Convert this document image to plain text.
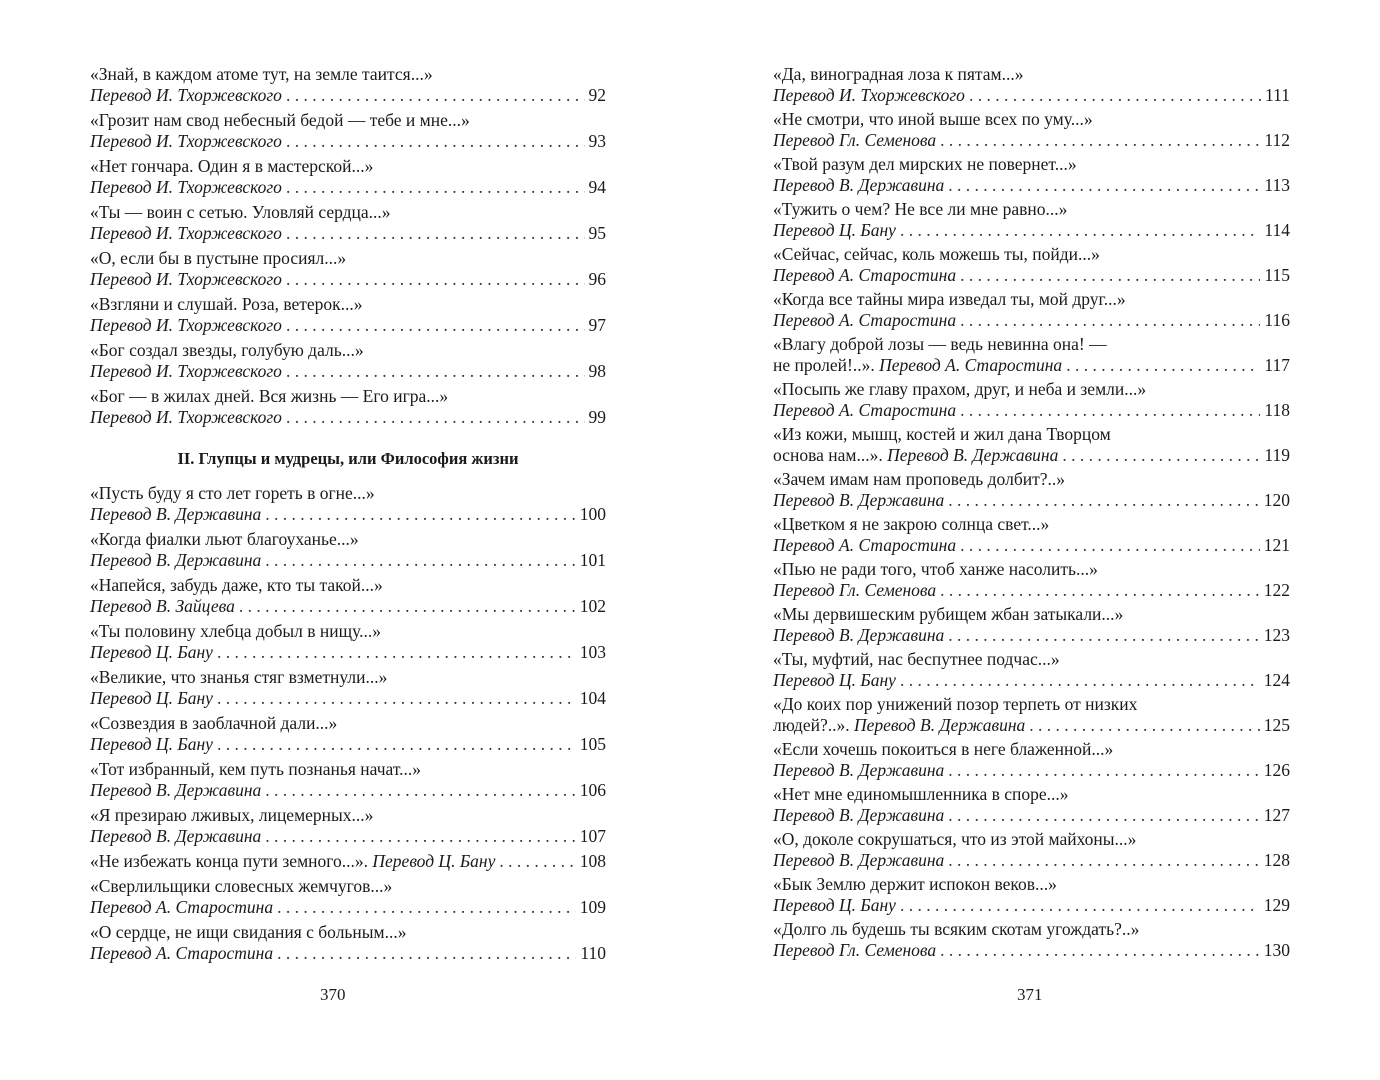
«Знай, в каждом атоме тут, на земле таится...»
Перевод И. Тхоржевского . . .	92
«Грозит нам свод небесный бедой — тебе и мне...»
Перевод И. Тхоржевского . . .	93
«Нет гончара. Один я в мастерской...»
Перевод И. Тхоржевского . . .	94
«Ты — воин с сетью. Уловляй сердца...»
Перевод И. Тхоржевского . . .	95
«О, если бы в пустыне просиял...»
Перевод И. Тхоржевского . . .	96
«Взгляни и слушай. Роза, ветерок...»
Перевод И. Тхоржевского . . .	97
«Бог создал звезды, голубую даль...»
Перевод И. Тхоржевского . . .	98
«Бог — в жилах дней. Вся жизнь — Его игра...»
Перевод И. Тхоржевского . . .	99
II. Глупцы и мудрецы, или Философия жизни
«Пусть буду я сто лет гореть в огне...»
Перевод В. Державина . . .	100
«Когда фиалки льют благоуханье...»
Перевод В. Державина . . .	101
«Напейся, забудь даже, кто ты такой...»
Перевод В. Зайцева . . .	102
«Ты половину хлебца добыл в нищу...»
Перевод Ц. Бану . . .	103
«Великие, что знанья стяг взметнули...»
Перевод Ц. Бану . . .	104
«Созвездия в заоблачной дали...»
Перевод Ц. Бану . . .	105
«Тот избранный, кем путь познанья начат...»
Перевод В. Державина . . .	106
«Я презираю лживых, лицемерных...»
Перевод В. Державина . . .	107
«Не избежать конца пути земного...». Перевод Ц. Бану . . .	108
«Сверлильщики словесных жемчугов...»
Перевод А. Старостина . . .	109
«О сердце, не ищи свидания с больным...»
Перевод А. Старостина . . .	110
«Да, виноградная лоза к пятам...»
Перевод И. Тхоржевского . . .	111
«Не смотри, что иной выше всех по уму...»
Перевод Гл. Семенова . . .	112
«Твой разум дел мирских не повернет...»
Перевод В. Державина . . .	113
«Тужить о чем? Не все ли мне равно...»
Перевод Ц. Бану . . .	114
«Сейчас, сейчас, коль можешь ты, пойди...»
Перевод А. Старостина . . .	115
«Когда все тайны мира изведал ты, мой друг...»
Перевод А. Старостина . . .	116
«Влагу доброй лозы — ведь невинна она! —
не пролей!..». Перевод А. Старостина . . .	117
«Посыпь же главу прахом, друг, и неба и земли...»
Перевод А. Старостина . . .	118
«Из кожи, мышц, костей и жил дана Творцом
основа нам...». Перевод В. Державина . . .	119
«Зачем имам нам проповедь долбит?..»
Перевод В. Державина . . .	120
«Цветком я не закрою солнца свет...»
Перевод А. Старостина . . .	121
«Пью не ради того, чтоб ханже насолить...»
Перевод Гл. Семенова . . .	122
«Мы дервишеским рубищем жбан затыкали...»
Перевод В. Державина . . .	123
«Ты, муфтий, нас беспутнее подчас...»
Перевод Ц. Бану . . .	124
«До коих пор унижений позор терпеть от низких
людей?..». Перевод В. Державина . . .	125
«Если хочешь покоиться в неге блаженной...»
Перевод В. Державина . . .	126
«Нет мне единомышленника в споре...»
Перевод В. Державина . . .	127
«О, доколе сокрушаться, что из этой майхоны...»
Перевод В. Державина . . .	128
«Бык Землю держит испокон веков...»
Перевод Ц. Бану . . .	129
«Долго ль будешь ты всяким скотам угождать?..»
Перевод Гл. Семенова . . .	130
370	371
